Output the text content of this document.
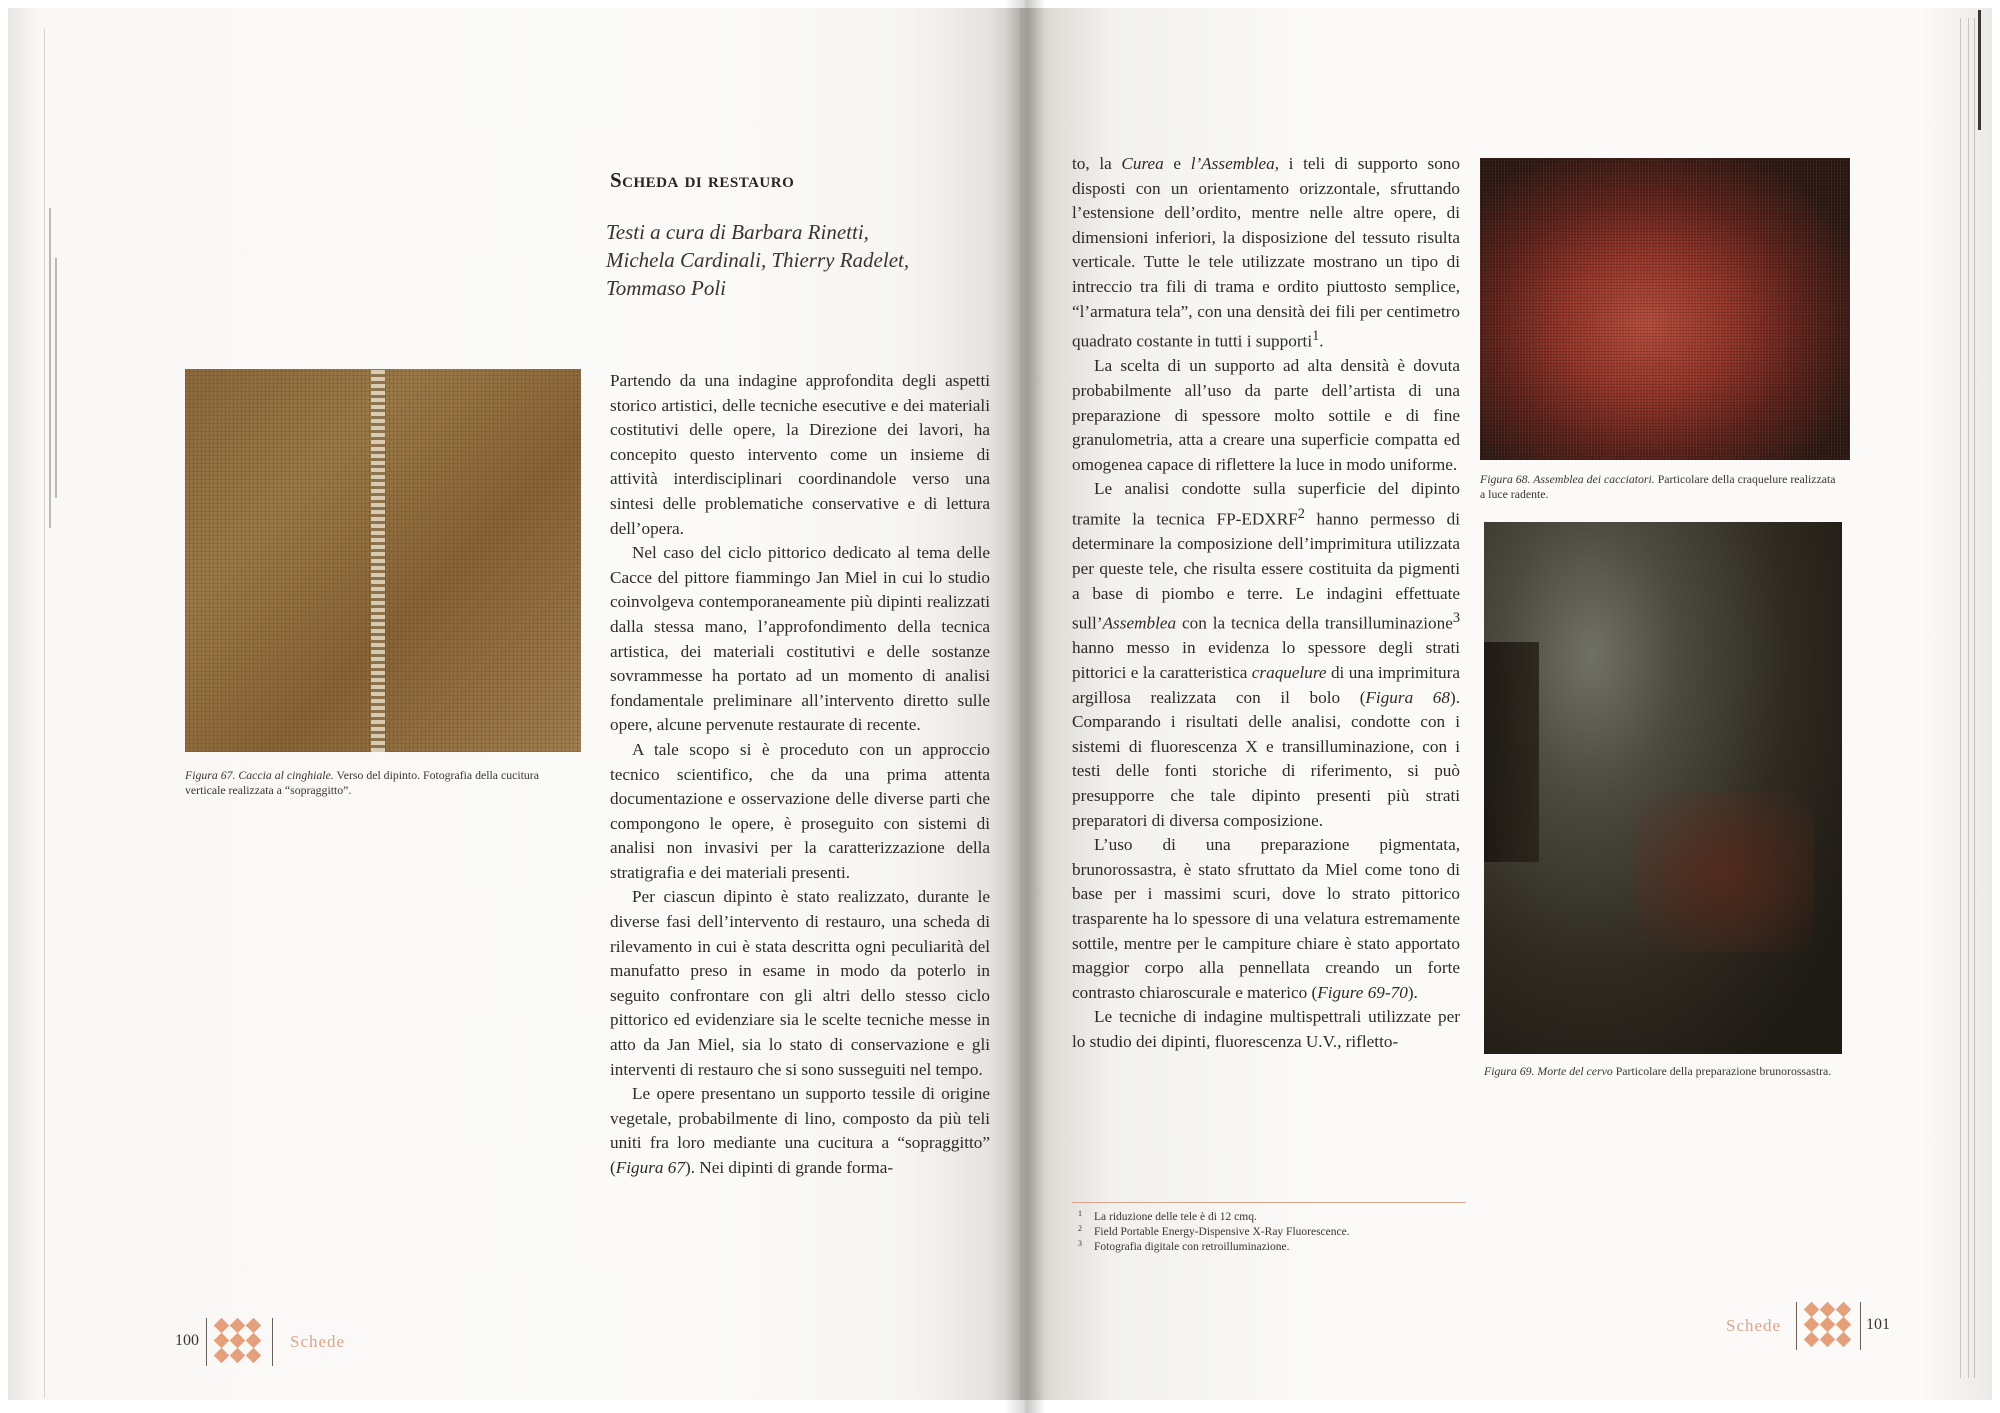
Scheda di restauro
Testi a cura di Barbara Rinetti,
Michela Cardinali, Thierry Radelet,
Tommaso Poli
Figura 67. Caccia al cinghiale. Verso del dipinto. Fotografia della cucitura verticale realizzata a “sopraggitto”.

Partendo da una indagine approfondita degli aspetti storico artistici, delle tecniche esecutive e dei materiali costitutivi delle opere, la Direzione dei lavori, ha concepito questo intervento come un insieme di attività interdisciplinari coordinandole verso una sintesi delle problematiche conservative e di lettura dell’opera.

Nel caso del ciclo pittorico dedicato al tema delle Cacce del pittore fiammingo Jan Miel in cui lo studio coinvolgeva contemporaneamente più dipinti realizzati dalla stessa mano, l’approfondimento della tecnica artistica, dei materiali costitutivi e delle sostanze sovrammesse ha portato ad un momento di analisi fondamentale preliminare all’intervento diretto sulle opere, alcune pervenute restaurate di recente.

A tale scopo si è proceduto con un approccio tecnico scientifico, che da una prima attenta documentazione e osservazione delle diverse parti che compongono le opere, è proseguito con sistemi di analisi non invasivi per la caratterizzazione della stratigrafia e dei materiali presenti.

Per ciascun dipinto è stato realizzato, durante le diverse fasi dell’intervento di restauro, una scheda di rilevamento in cui è stata descritta ogni peculiarità del manufatto preso in esame in modo da poterlo in seguito confrontare con gli altri dello stesso ciclo pittorico ed evidenziare sia le scelte tecniche messe in atto da Jan Miel, sia lo stato di conservazione e gli interventi di restauro che si sono susseguiti nel tempo.

Le opere presentano un supporto tessile di origine vegetale, probabilmente di lino, composto da più teli uniti fra loro mediante una cucitura a “sopraggitto” (Figura 67). Nei dipinti di grande forma-

100	Schede

to, la Curea e l’Assemblea, i teli di supporto sono disposti con un orientamento orizzontale, sfruttando l’estensione dell’ordito, mentre nelle altre opere, di dimensioni inferiori, la disposizione del tessuto risulta verticale. Tutte le tele utilizzate mostrano un tipo di intreccio tra fili di trama e ordito piuttosto semplice, “l’armatura tela”, con una densità dei fili per centimetro quadrato costante in tutti i supporti$^1$.

La scelta di un supporto ad alta densità è dovuta probabilmente all’uso da parte dell’artista di una preparazione di spessore molto sottile e di fine granulometria, atta a creare una superficie compatta ed omogenea capace di riflettere la luce in modo uniforme.

Le analisi condotte sulla superficie del dipinto tramite la tecnica FP-EDXRF$^2$ hanno permesso di determinare la composizione dell’imprimitura utilizzata per queste tele, che risulta essere costituita da pigmenti a base di piombo e terre. Le indagini effettuate sull’Assemblea con la tecnica della transilluminazione$^3$ hanno messo in evidenza lo spessore degli strati pittorici e la caratteristica craquelure di una imprimitura argillosa realizzata con il bolo (Figura 68). Comparando i risultati delle analisi, condotte con i sistemi di fluorescenza X e transilluminazione, con i testi delle fonti storiche di riferimento, si può presupporre che tale dipinto presenti più strati preparatori di diversa composizione.

L’uso di una preparazione pigmentata, brunorossastra, è stato sfruttato da Miel come tono di base per i massimi scuri, dove lo strato pittorico trasparente ha lo spessore di una velatura estremamente sottile, mentre per le campiture chiare è stato apportato maggior corpo alla pennellata creando un forte contrasto chiaroscurale e materico (Figure 69-70).

Le tecniche di indagine multispettrali utilizzate per lo studio dei dipinti, fluorescenza U.V., rifletto-

Figura 68. Assemblea dei cacciatori. Particolare della craquelure realizzata a luce radente.
Figura 69. Morte del cervo Particolare della preparazione brunorossastra.
1 La riduzione delle tele è di 12 cmq.
2 Field Portable Energy-Dispensive X-Ray Fluorescence.
3 Fotografia digitale con retroilluminazione.
Schede	101
